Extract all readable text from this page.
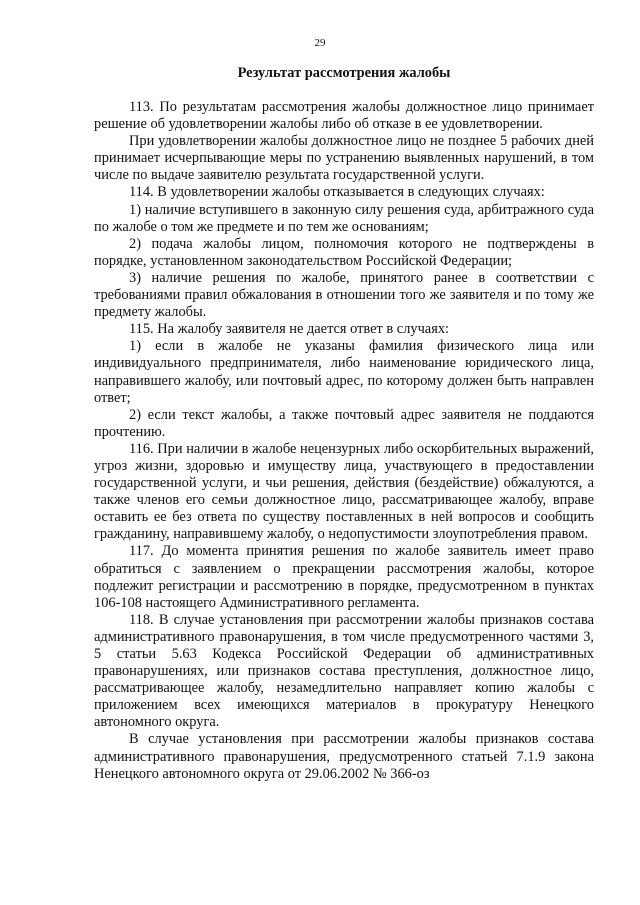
29
Результат рассмотрения жалобы

113. По результатам рассмотрения жалобы должностное лицо принимает решение об удовлетворении жалобы либо об отказе в ее удовлетворении.

При удовлетворении жалобы должностное лицо не позднее 5 рабочих дней принимает исчерпывающие меры по устранению выявленных нарушений, в том числе по выдаче заявителю результата государственной услуги.

114. В удовлетворении жалобы отказывается в следующих случаях:

1) наличие вступившего в законную силу решения суда, арбитражного суда по жалобе о том же предмете и по тем же основаниям;

2) подача жалобы лицом, полномочия которого не подтверждены в порядке, установленном законодательством Российской Федерации;

3) наличие решения по жалобе, принятого ранее в соответствии с требованиями правил обжалования в отношении того же заявителя и по тому же предмету жалобы.

115. На жалобу заявителя не дается ответ в случаях:

1) если в жалобе не указаны фамилия физического лица или индивидуального предпринимателя, либо наименование юридического лица, направившего жалобу, или почтовый адрес, по которому должен быть направлен ответ;

2) если текст жалобы, а также почтовый адрес заявителя не поддаются прочтению.

116. При наличии в жалобе нецензурных либо оскорбительных выражений, угроз жизни, здоровью и имуществу лица, участвующего в предоставлении государственной услуги, и чьи решения, действия (бездействие) обжалуются, а также членов его семьи должностное лицо, рассматривающее жалобу, вправе оставить ее без ответа по существу поставленных в ней вопросов и сообщить гражданину, направившему жалобу, о недопустимости злоупотребления правом.

117. До момента принятия решения по жалобе заявитель имеет право обратиться с заявлением о прекращении рассмотрения жалобы, которое подлежит регистрации и рассмотрению в порядке, предусмотренном в пунктах 106-108 настоящего Административного регламента.

118. В случае установления при рассмотрении жалобы признаков состава административного правонарушения, в том числе предусмотренного частями 3, 5 статьи 5.63 Кодекса Российской Федерации об административных правонарушениях, или признаков состава преступления, должностное лицо, рассматривающее жалобу, незамедлительно направляет копию жалобы с приложением всех имеющихся материалов в прокуратуру Ненецкого автономного округа.

В случае установления при рассмотрении жалобы признаков состава административного правонарушения, предусмотренного статьей 7.1.9 закона Ненецкого автономного округа от 29.06.2002 № 366-оз
